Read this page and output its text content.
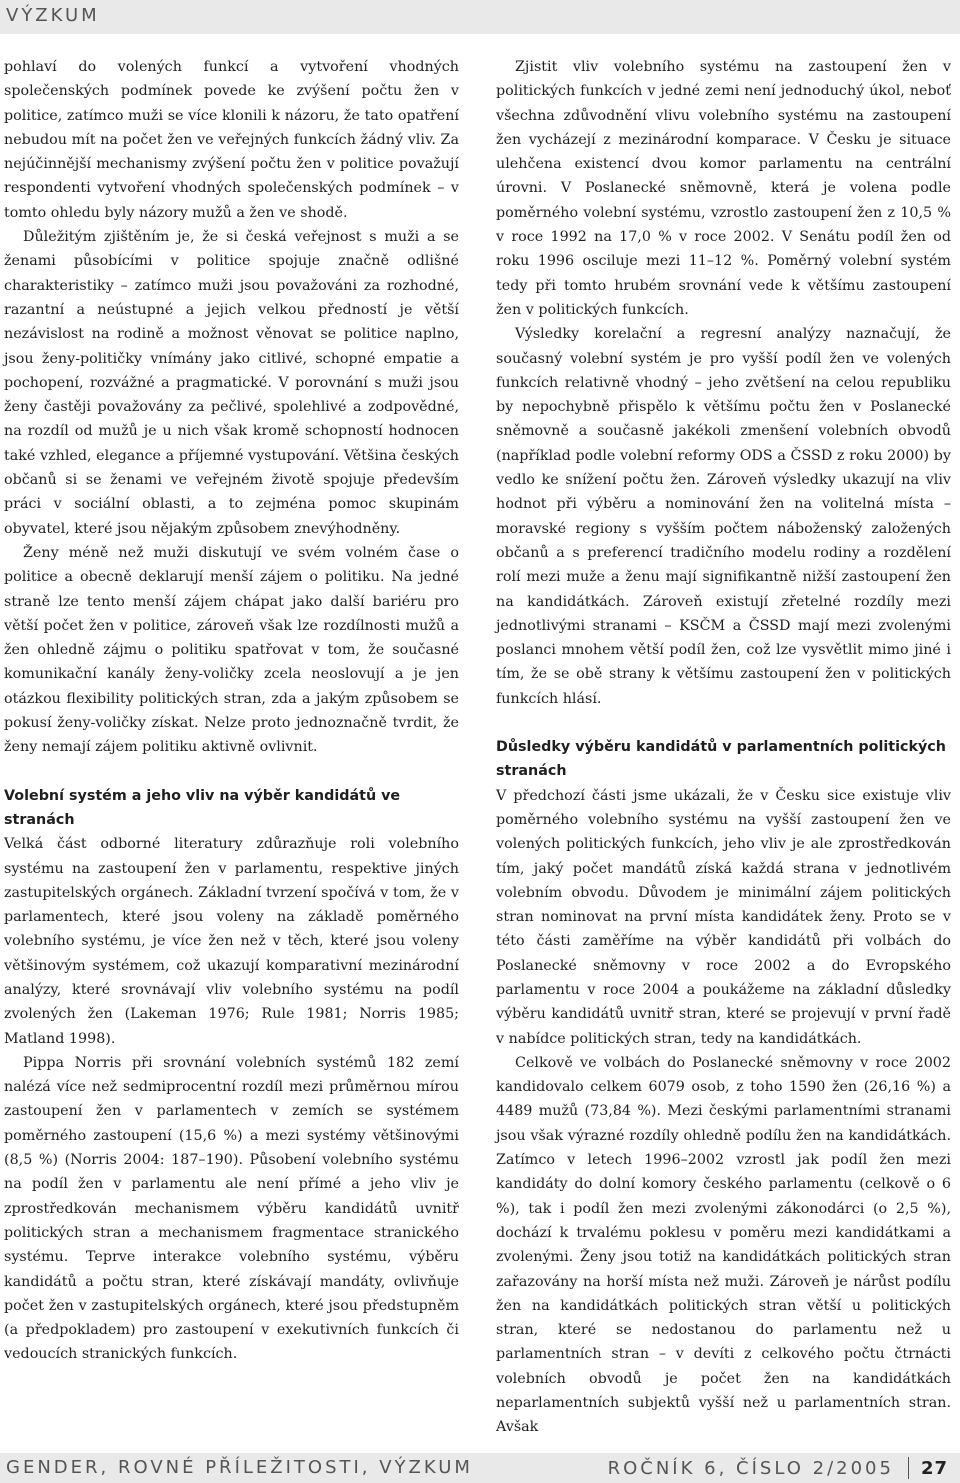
VÝZKUM

pohlaví do volených funkcí a vytvoření vhodných společenských podmínek povede ke zvýšení počtu žen v politice, zatímco muži se více klonili k názoru, že tato opatření nebudou mít na počet žen ve veřejných funkcích žádný vliv. Za nejúčinnější mechanismy zvýšení počtu žen v politice považují respondenti vytvoření vhodných společenských podmínek – v tomto ohledu byly názory mužů a žen ve shodě.

Důležitým zjištěním je, že si česká veřejnost s muži a se ženami působícími v politice spojuje značně odlišné charakteristiky – zatímco muži jsou považováni za rozhodné, razantní a neústupné a jejich velkou předností je větší nezávislost na rodině a možnost věnovat se politice naplno, jsou ženy-političky vnímány jako citlivé, schopné empatie a pochopení, rozvážné a pragmatické. V porovnání s muži jsou ženy častěji považovány za pečlivé, spolehlivé a zodpovědné, na rozdíl od mužů je u nich však kromě schopností hodnocen také vzhled, elegance a příjemné vystupování. Většina českých občanů si se ženami ve veřejném životě spojuje především práci v sociální oblasti, a to zejména pomoc skupinám obyvatel, které jsou nějakým způsobem znevýhodněny.

Ženy méně než muži diskutují ve svém volném čase o politice a obecně deklarují menší zájem o politiku. Na jedné straně lze tento menší zájem chápat jako další bariéru pro větší počet žen v politice, zároveň však lze rozdílnosti mužů a žen ohledně zájmu o politiku spatřovat v tom, že současné komunikační kanály ženy-voličky zcela neoslovují a je jen otázkou flexibility politických stran, zda a jakým způsobem se pokusí ženy-voličky získat. Nelze proto jednoznačně tvrdit, že ženy nemají zájem politiku aktivně ovlivnit.

Volební systém a jeho vliv na výběr kandidátů ve stranách

Velká část odborné literatury zdůrazňuje roli volebního systému na zastoupení žen v parlamentu, respektive jiných zastupitelských orgánech. Základní tvrzení spočívá v tom, že v parlamentech, které jsou voleny na základě poměrného volebního systému, je více žen než v těch, které jsou voleny většinovým systémem, což ukazují komparativní mezinárodní analýzy, které srovnávají vliv volebního systému na podíl zvolených žen (Lakeman 1976; Rule 1981; Norris 1985; Matland 1998).

Pippa Norris při srovnání volebních systémů 182 zemí nalézá více než sedmiprocentní rozdíl mezi průměrnou mírou zastoupení žen v parlamentech v zemích se systémem poměrného zastoupení (15,6 %) a mezi systémy většinovými (8,5 %) (Norris 2004: 187–190). Působení volebního systému na podíl žen v parlamentu ale není přímé a jeho vliv je zprostředkován mechanismem výběru kandidátů uvnitř politických stran a mechanismem fragmentace stranického systému. Teprve interakce volebního systému, výběru kandidátů a počtu stran, které získávají mandáty, ovlivňuje počet žen v zastupitelských orgánech, které jsou předstupněm (a předpokladem) pro zastoupení v exekutivních funkcích či vedoucích stranických funkcích.

Zjistit vliv volebního systému na zastoupení žen v politických funkcích v jedné zemi není jednoduchý úkol, neboť všechna zdůvodnění vlivu volebního systému na zastoupení žen vycházejí z mezinárodní komparace. V Česku je situace ulehčena existencí dvou komor parlamentu na centrální úrovni. V Poslanecké sněmovně, která je volena podle poměrného volební systému, vzrostlo zastoupení žen z 10,5 % v roce 1992 na 17,0 % v roce 2002. V Senátu podíl žen od roku 1996 osciluje mezi 11–12 %. Poměrný volební systém tedy při tomto hrubém srovnání vede k většímu zastoupení žen v politických funkcích.

Výsledky korelační a regresní analýzy naznačují, že současný volební systém je pro vyšší podíl žen ve volených funkcích relativně vhodný – jeho zvětšení na celou republiku by nepochybně přispělo k většímu počtu žen v Poslanecké sněmovně a současně jakékoli zmenšení volebních obvodů (například podle volební reformy ODS a ČSSD z roku 2000) by vedlo ke snížení počtu žen. Zároveň výsledky ukazují na vliv hodnot při výběru a nominování žen na volitelná místa – moravské regiony s vyšším počtem náboženský založených občanů a s preferencí tradičního modelu rodiny a rozdělení rolí mezi muže a ženu mají signifikantně nižší zastoupení žen na kandidátkách. Zároveň existují zřetelné rozdíly mezi jednotlivými stranami – KSČM a ČSSD mají mezi zvolenými poslanci mnohem větší podíl žen, což lze vysvětlit mimo jiné i tím, že se obě strany k většímu zastoupení žen v politických funkcích hlásí.

Důsledky výběru kandidátů v parlamentních politických stranách

V předchozí části jsme ukázali, že v Česku sice existuje vliv poměrného volebního systému na vyšší zastoupení žen ve volených politických funkcích, jeho vliv je ale zprostředkován tím, jaký počet mandátů získá každá strana v jednotlivém volebním obvodu. Důvodem je minimální zájem politických stran nominovat na první místa kandidátek ženy. Proto se v této části zaměříme na výběr kandidátů při volbách do Poslanecké sněmovny v roce 2002 a do Evropského parlamentu v roce 2004 a poukážeme na základní důsledky výběru kandidátů uvnitř stran, které se projevují v první řadě v nabídce politických stran, tedy na kandidátkách.

Celkově ve volbách do Poslanecké sněmovny v roce 2002 kandidovalo celkem 6079 osob, z toho 1590 žen (26,16 %) a 4489 mužů (73,84 %). Mezi českými parlamentními stranami jsou však výrazné rozdíly ohledně podílu žen na kandidátkách. Zatímco v letech 1996–2002 vzrostl jak podíl žen mezi kandidáty do dolní komory českého parlamentu (celkově o 6 %), tak i podíl žen mezi zvolenými zákonodárci (o 2,5 %), dochází k trvalému poklesu v poměru mezi kandidátkami a zvolenými. Ženy jsou totiž na kandidátkách politických stran zařazovány na horší místa než muži. Zároveň je nárůst podílu žen na kandidátkách politických stran větší u politických stran, které se nedostanou do parlamentu než u parlamentních stran – v devíti z celkového počtu čtrnácti volebních obvodů je počet žen na kandidátkách neparlamentních subjektů vyšší než u parlamentních stran. Avšak

GENDER, ROVNÉ PŘÍLEŽITOSTI, VÝZKUM	ROČNÍK 6, ČÍSLO 2/2005 27
